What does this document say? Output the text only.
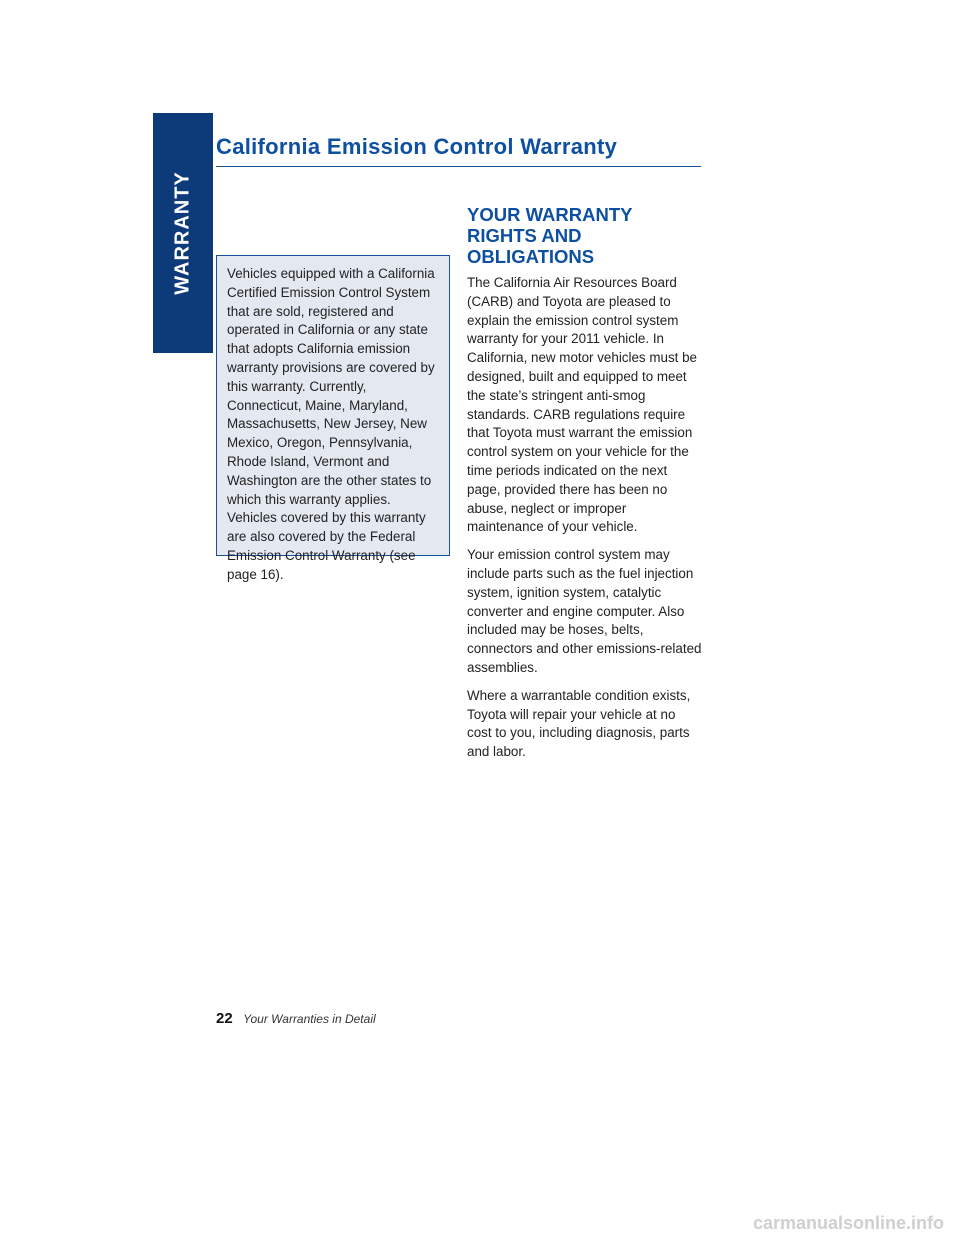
WARRANTY
California Emission Control Warranty

Vehicles equipped with a California Certified Emission Control System that are sold, registered and operated in California or any state that adopts California emission warranty provisions are covered by this warranty. Currently, Connecticut, Maine, Maryland, Massachusetts, New Jersey, New Mexico, Oregon, Pennsylvania, Rhode Island, Vermont and Washington are the other states to which this warranty applies. Vehicles covered by this warranty are also covered by the Federal Emission Control Warranty (see page 16).

YOUR WARRANTY RIGHTS AND OBLIGATIONS

The California Air Resources Board (CARB) and Toyota are pleased to explain the emission control system warranty for your 2011 vehicle. In California, new motor vehicles must be designed, built and equipped to meet the state’s stringent anti-smog standards. CARB regulations require that Toyota must warrant the emission control system on your vehicle for the time periods indicated on the next page, provided there has been no abuse, neglect or improper maintenance of your vehicle.

Your emission control system may include parts such as the fuel injection system, ignition system, catalytic converter and engine computer. Also included may be hoses, belts, connectors and other emissions-related assemblies.

Where a warrantable condition exists, Toyota will repair your vehicle at no cost to you, including diagnosis, parts and labor.

22 Your Warranties in Detail
carmanualsonline.info
